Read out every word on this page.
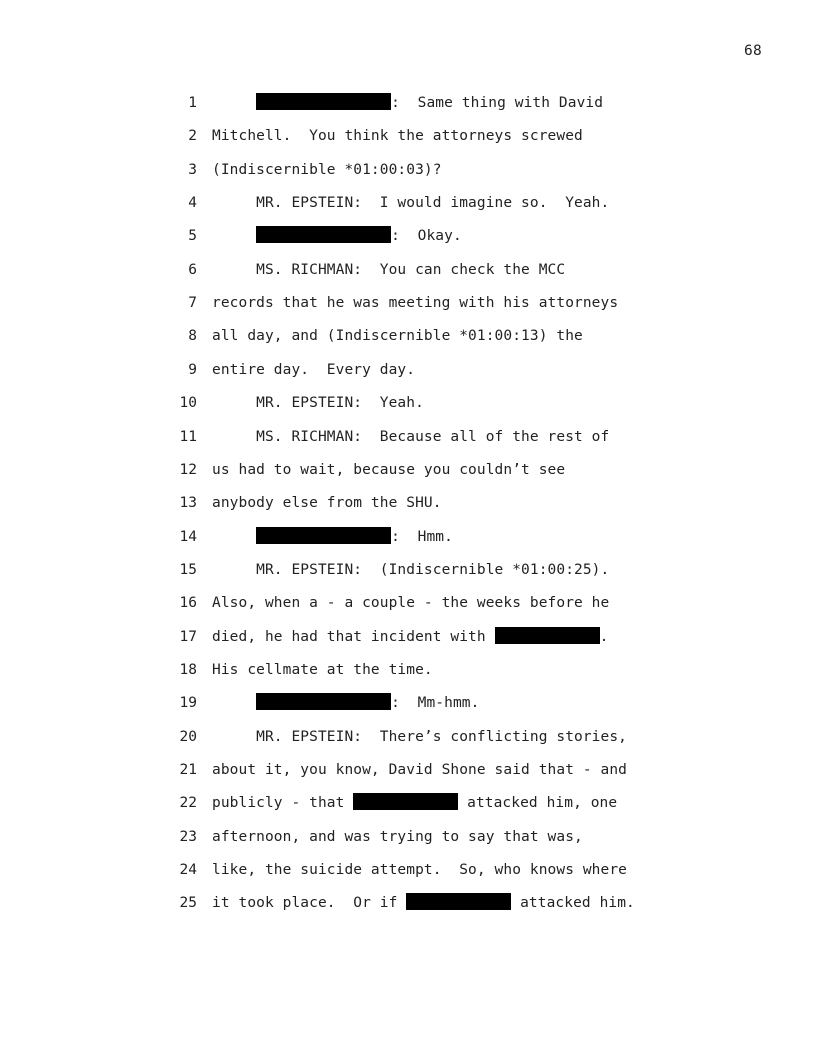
68
1	:  Same thing with David
2 Mitchell.  You think the attorneys screwed
3 (Indiscernible *01:00:03)?
4 MR. EPSTEIN:  I would imagine so.  Yeah.
5	:  Okay.
6 MS. RICHMAN:  You can check the MCC
7 records that he was meeting with his attorneys
8 all day, and (Indiscernible *01:00:13) the
9 entire day.  Every day.
10 MR. EPSTEIN:  Yeah.
11 MS. RICHMAN:  Because all of the rest of
12 us had to wait, because you couldn’t see
13 anybody else from the SHU.
14	:  Hmm.
15 MR. EPSTEIN:  (Indiscernible *01:00:25).
16 Also, when a - a couple - the weeks before he
17 died, he had that incident with	.
18 His cellmate at the time.
19	:  Mm-hmm.
20 MR. EPSTEIN:  There’s conflicting stories,
21 about it, you know, David Shone said that - and
22 publicly - that	attacked him, one
23 afternoon, and was trying to say that was,
24 like, the suicide attempt.  So, who knows where
25 it took place.  Or if	attacked him.
